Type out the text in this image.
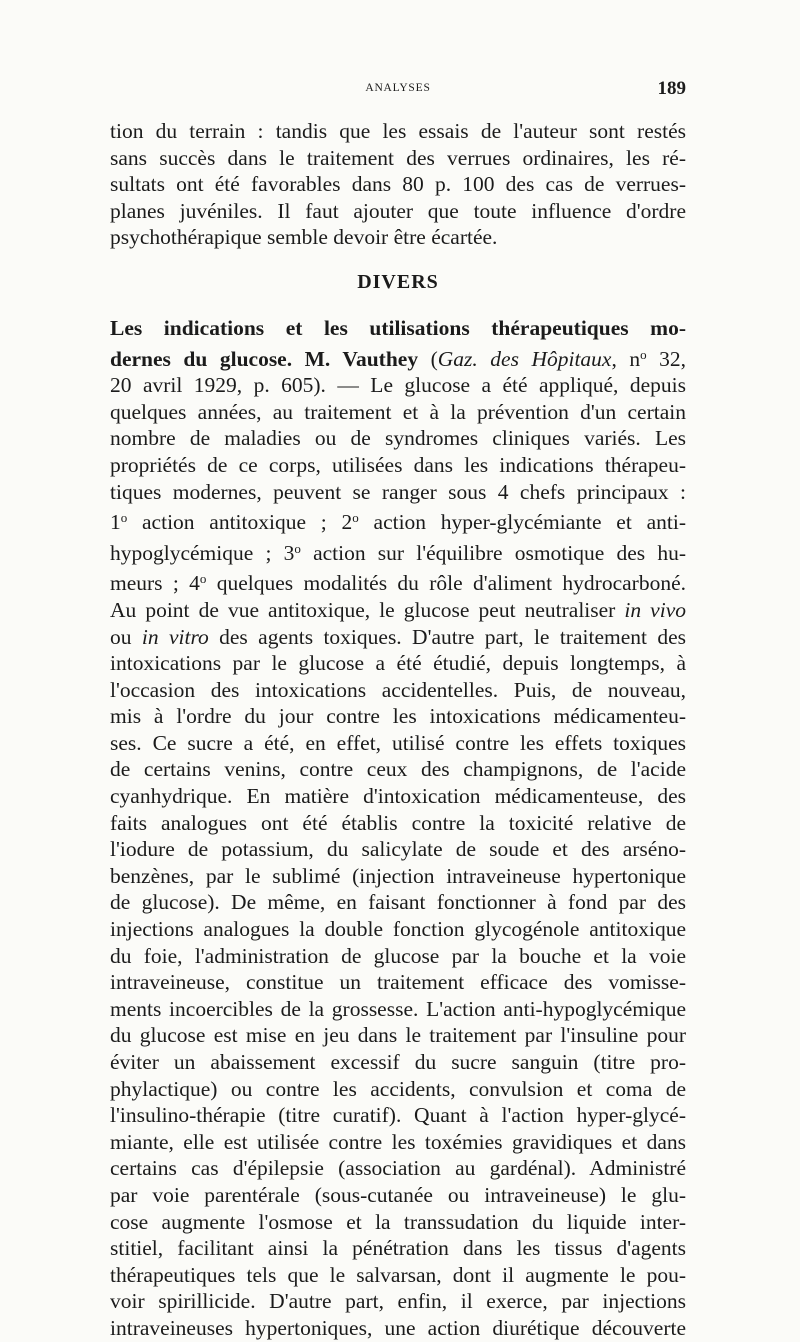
ANALYSES	189
tion du terrain : tandis que les essais de l'auteur sont restés
sans succès dans le traitement des verrues ordinaires, les ré-
sultats ont été favorables dans 80 p. 100 des cas de verrues-
planes juvéniles. Il faut ajouter que toute influence d'ordre
psychothérapique semble devoir être écartée.
DIVERS
Les indications et les utilisations thérapeutiques mo-
dernes du glucose. M. Vauthey (Gaz. des Hôpitaux, $n^o$ 32,
20 avril 1929, p. 605). — Le glucose a été appliqué, depuis
quelques années, au traitement et à la prévention d'un certain
nombre de maladies ou de syndromes cliniques variés. Les
propriétés de ce corps, utilisées dans les indications thérapeu-
tiques modernes, peuvent se ranger sous 4 chefs principaux :
1$^o$ action antitoxique ; 2$^o$ action hyper-glycémiante et anti-
hypoglycémique ; 3$^o$ action sur l'équilibre osmotique des hu-
meurs ; 4$^o$ quelques modalités du rôle d'aliment hydrocarboné.
Au point de vue antitoxique, le glucose peut neutraliser in vivo
ou in vitro des agents toxiques. D'autre part, le traitement des
intoxications par le glucose a été étudié, depuis longtemps, à
l'occasion des intoxications accidentelles. Puis, de nouveau,
mis à l'ordre du jour contre les intoxications médicamenteu-
ses. Ce sucre a été, en effet, utilisé contre les effets toxiques
de certains venins, contre ceux des champignons, de l'acide
cyanhydrique. En matière d'intoxication médicamenteuse, des
faits analogues ont été établis contre la toxicité relative de
l'iodure de potassium, du salicylate de soude et des arséno-
benzènes, par le sublimé (injection intraveineuse hypertonique
de glucose). De même, en faisant fonctionner à fond par des
injections analogues la double fonction glycogénole antitoxique
du foie, l'administration de glucose par la bouche et la voie
intraveineuse, constitue un traitement efficace des vomisse-
ments incoercibles de la grossesse. L'action anti-hypoglycémique
du glucose est mise en jeu dans le traitement par l'insuline pour
éviter un abaissement excessif du sucre sanguin (titre pro-
phylactique) ou contre les accidents, convulsion et coma de
l'insulino-thérapie (titre curatif). Quant à l'action hyper-glycé-
miante, elle est utilisée contre les toxémies gravidiques et dans
certains cas d'épilepsie (association au gardénal). Administré
par voie parentérale (sous-cutanée ou intraveineuse) le glu-
cose augmente l'osmose et la transsudation du liquide inter-
stitiel, facilitant ainsi la pénétration dans les tissus d'agents
thérapeutiques tels que le salvarsan, dont il augmente le pou-
voir spirillicide. D'autre part, enfin, il exerce, par injections
intraveineuses hypertoniques, une action diurétique découverte
